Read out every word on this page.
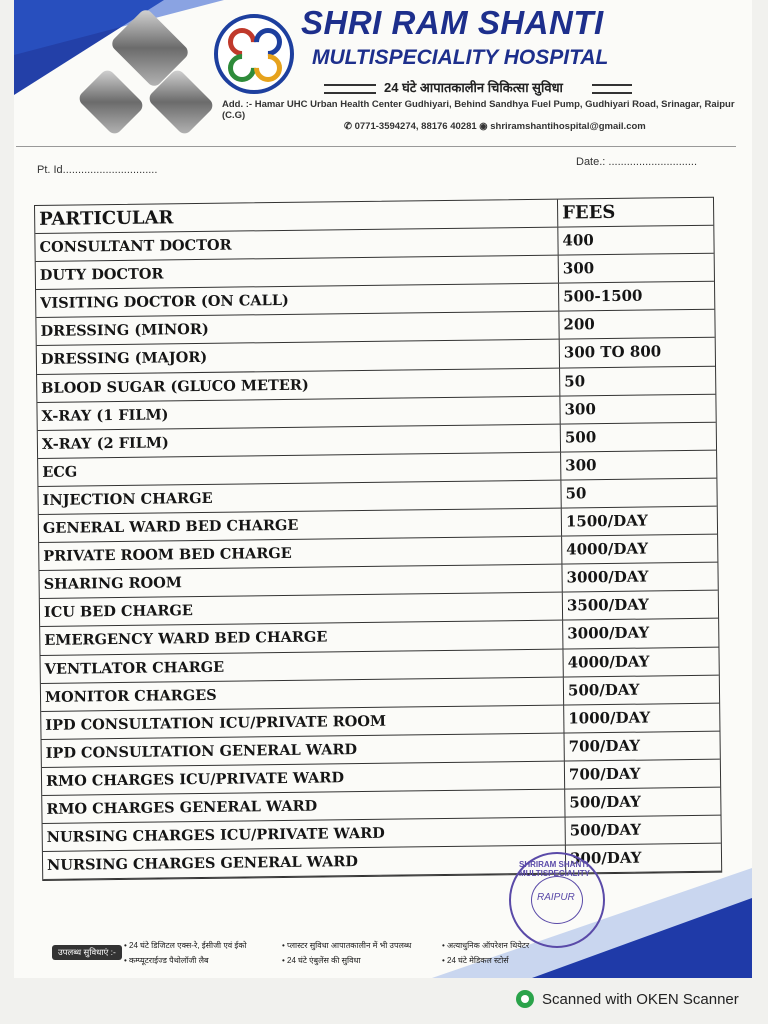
SHRI RAM SHANTI
MULTISPECIALITY HOSPITAL
24 घंटे आपातकालीन चिकित्सा सुविधा
Add. :- Hamar UHC Urban Health Center Gudhiyari, Behind Sandhya Fuel Pump, Gudhiyari Road, Srinagar, Raipur (C.G)
✆ 0771-3594274, 88176 40281 ◉ shriramshantihospital@gmail.com
Pt. Id...............................
Date.: .............................
PARTICULAR	FEES
CONSULTANT DOCTOR	400
DUTY DOCTOR	300
VISITING DOCTOR (ON CALL)	500-1500
DRESSING (MINOR)	200
DRESSING (MAJOR)	300 TO 800
BLOOD SUGAR (GLUCO METER)	50
X-RAY (1 FILM)	300
X-RAY (2 FILM)	500
ECG	300
INJECTION CHARGE	50
GENERAL WARD BED CHARGE	1500/DAY
PRIVATE ROOM BED CHARGE	4000/DAY
SHARING ROOM	3000/DAY
ICU BED CHARGE	3500/DAY
EMERGENCY WARD BED CHARGE	3000/DAY
VENTLATOR CHARGE	4000/DAY
MONITOR CHARGES	500/DAY
IPD CONSULTATION ICU/PRIVATE ROOM	1000/DAY
IPD CONSULTATION GENERAL WARD	700/DAY
RMO CHARGES ICU/PRIVATE WARD	700/DAY
RMO CHARGES GENERAL WARD	500/DAY
NURSING CHARGES ICU/PRIVATE WARD	500/DAY
NURSING CHARGES GENERAL WARD	300/DAY
SHRIRAM SHANTI MULTISPECIALITY
RAIPUR
उपलब्ध सुविधाएं :-
• 24 घंटे डिजिटल एक्स-रे, ईसीजी एवं ईको	• प्लास्टर सुविधा आपातकालीन में भी उपलब्ध	• अत्याधुनिक ऑपरेशन थियेटर
• कम्प्यूटराईज्ड पैथोलॉजी लैब	• 24 घंटे एंबुलेंस की सुविधा	• 24 घंटे मेडिकल स्टोर्स
Scanned with OKEN Scanner
